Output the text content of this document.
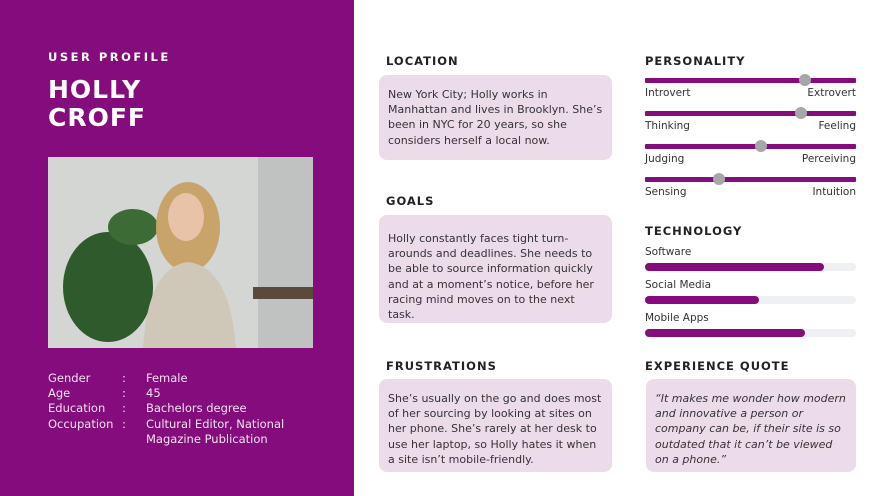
USER PROFILE
HOLLY
CROFF
Gender	:	Female
Age	:	45
Education	:	Bachelors degree
Occupation :	Cultural Editor, National Magazine Publication
LOCATION
New York City; Holly works in Manhattan and lives in Brooklyn. She’s been in NYC for 20 years, so she considers herself a local now.
GOALS
Holly constantly faces tight turn-arounds and deadlines. She needs to be able to source information quickly and at a moment’s notice, before her racing mind moves on to the next task.
FRUSTRATIONS
She’s usually on the go and does most of her sourcing by looking at sites on her phone. She’s rarely at her desk to use her laptop, so Holly hates it when a site isn’t mobile-friendly.
PERSONALITY
Introvert	Extrovert
Thinking	Feeling
Judging	Perceiving
Sensing	Intuition
TECHNOLOGY
Software
Social Media
Mobile Apps
EXPERIENCE QUOTE
“It makes me wonder how modern and innovative a person or company can be, if their site is so outdated that it can’t be viewed on a phone.”
